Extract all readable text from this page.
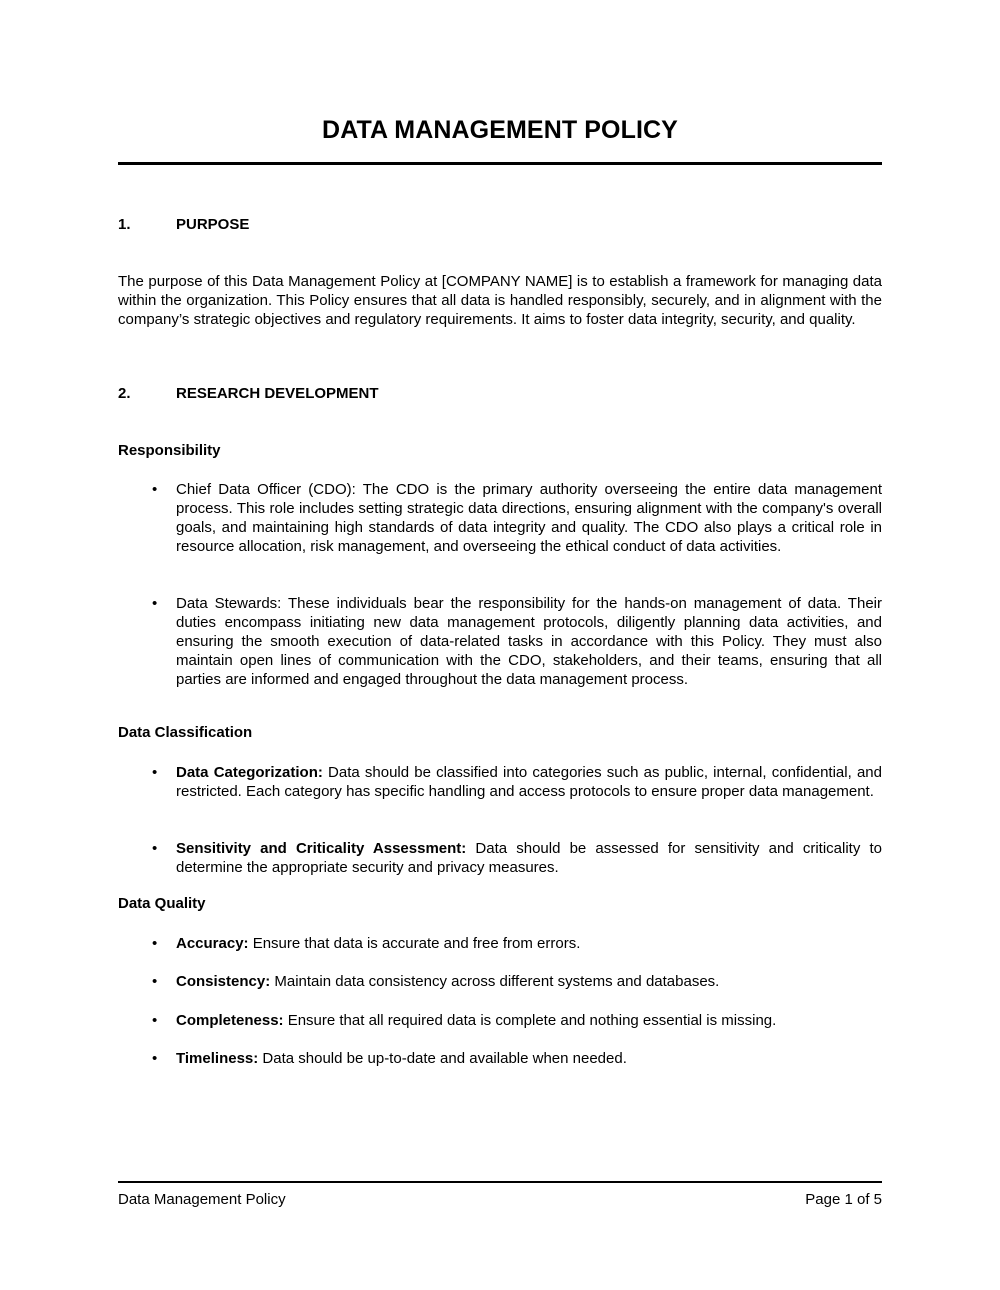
DATA MANAGEMENT POLICY
1.	PURPOSE
The purpose of this Data Management Policy at [COMPANY NAME] is to establish a framework for managing data within the organization. This Policy ensures that all data is handled responsibly, securely, and in alignment with the company’s strategic objectives and regulatory requirements. It aims to foster data integrity, security, and quality.
2.	RESEARCH DEVELOPMENT
Responsibility
•	Chief Data Officer (CDO): The CDO is the primary authority overseeing the entire data management process. This role includes setting strategic data directions, ensuring alignment with the company's overall goals, and maintaining high standards of data integrity and quality. The CDO also plays a critical role in resource allocation, risk management, and overseeing the ethical conduct of data activities.
•	Data Stewards: These individuals bear the responsibility for the hands-on management of data. Their duties encompass initiating new data management protocols, diligently planning data activities, and ensuring the smooth execution of data-related tasks in accordance with this Policy. They must also maintain open lines of communication with the CDO, stakeholders, and their teams, ensuring that all parties are informed and engaged throughout the data management process.
Data Classification
•	Data Categorization: Data should be classified into categories such as public, internal, confidential, and restricted. Each category has specific handling and access protocols to ensure proper data management.
•	Sensitivity and Criticality Assessment: Data should be assessed for sensitivity and criticality to determine the appropriate security and privacy measures.
Data Quality
•	Accuracy: Ensure that data is accurate and free from errors.
•	Consistency: Maintain data consistency across different systems and databases.
•	Completeness: Ensure that all required data is complete and nothing essential is missing.
•	Timeliness: Data should be up-to-date and available when needed.
Data Management Policy	Page 1 of 5
